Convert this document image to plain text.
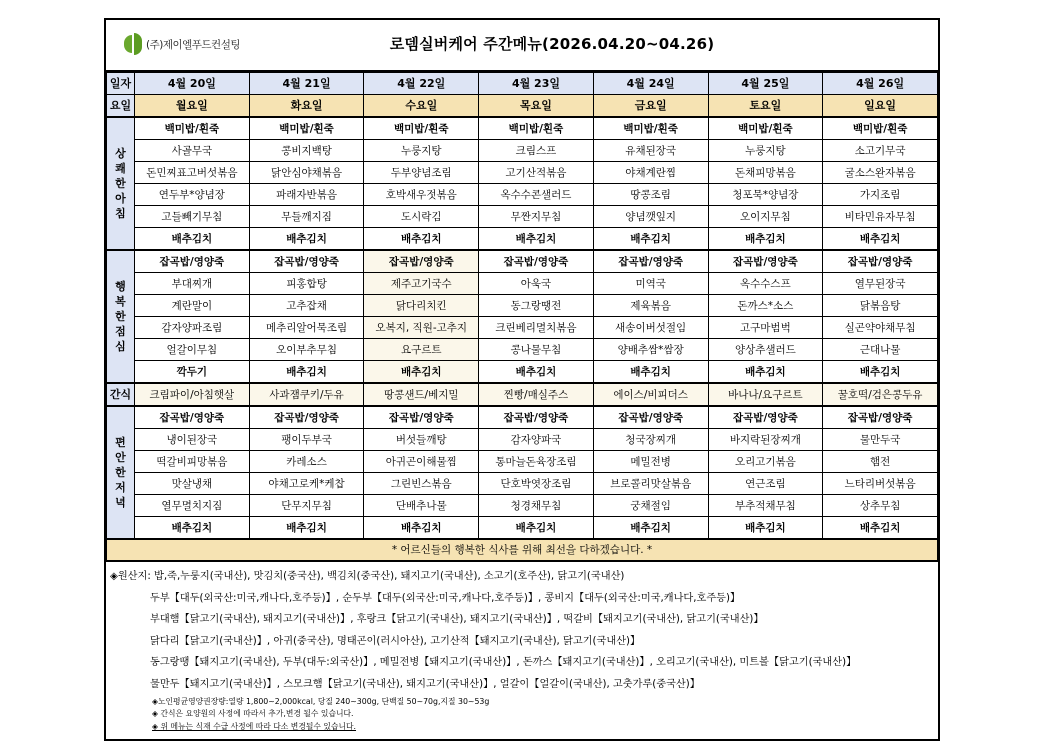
(주)제이엘푸드컨설팅	로뎀실버케어 주간메뉴(2026.04.20~04.26)
일자	4월 20일	4월 21일	4월 22일	4월 23일	4월 24일	4월 25일	4월 26일
요일	월요일	화요일	수요일	목요일	금요일	토요일	일요일
상쾌한아침	백미밥/흰죽	백미밥/흰죽	백미밥/흰죽	백미밥/흰죽	백미밥/흰죽	백미밥/흰죽	백미밥/흰죽
	사골무국	콩비지백탕	누룽지탕	크림스프	유채된장국	누룽지탕	소고기무국
	돈민찌표고버섯볶음	닭안심야채볶음	두부양념조림	고기산적볶음	야채계란찜	돈채피망볶음	굴소스완자볶음
	연두부*양념장	파래자반볶음	호박새우젓볶음	옥수수콘샐러드	땅콩조림	청포묵*양념장	가지조림
	고들빼기무침	무들깨지짐	도시락김	무짠지무침	양념깻잎지	오이지무침	비타민유자무침
	배추김치	배추김치	배추김치	배추김치	배추김치	배추김치	배추김치
행복한점심	잡곡밥/영양죽	잡곡밥/영양죽	잡곡밥/영양죽	잡곡밥/영양죽	잡곡밥/영양죽	잡곡밥/영양죽	잡곡밥/영양죽
	부대찌개	피홍합탕	제주고기국수	아욱국	미역국	옥수수스프	열무된장국
	계란말이	고추잡채	닭다리치킨	동그랑땡전	제육볶음	돈까스*소스	닭볶음탕
	감자양파조림	메추리알어묵조림	오복지, 직원-고추지	크린베리멸치볶음	새송이버섯절임	고구마범벅	실곤약야채무침
	얼갈이무침	오이부추무침	요구르트	콩나물무침	양배추쌈*쌈장	양상추샐러드	근대나물
	깍두기	배추김치	배추김치	배추김치	배추김치	배추김치	배추김치
간식	크림파이/아침햇살	사과잼쿠키/두유	땅콩샌드/베지밀	찐빵/매실주스	에이스/비피더스	바나나/요구르트	꿀호떡/검은콩두유
편안한저녁	잡곡밥/영양죽	잡곡밥/영양죽	잡곡밥/영양죽	잡곡밥/영양죽	잡곡밥/영양죽	잡곡밥/영양죽	잡곡밥/영양죽
	냉이된장국	팽이두부국	버섯들깨탕	감자양파국	청국장찌개	바지락된장찌개	물만두국
	떡갈비피망볶음	카레소스	아귀곤이해물찜	통마늘돈육장조림	메밀전병	오리고기볶음	햄전
	맛살냉채	야채고로케*케찹	그린빈스볶음	단호박엿장조림	브로콜리맛살볶음	연근조림	느타리버섯볶음
	열무멸치지짐	단무지무침	단배추나물	청경채무침	궁채절임	부추적채무침	상추무침
	배추김치	배추김치	배추김치	배추김치	배추김치	배추김치	배추김치
* 어르신들의 행복한 식사를 위해 최선을 다하겠습니다. *							
◈원산지: 밥,죽,누룽지(국내산), 맛김치(중국산), 백김치(중국산), 돼지고기(국내산), 소고기(호주산), 닭고기(국내산)
두부【대두(외국산:미국,캐나다,호주등)】, 순두부【대두(외국산:미국,캐나다,호주등)】, 콩비지【대두(외국산:미국,캐나다,호주등)】
부대햄【닭고기(국내산), 돼지고기(국내산)】, 후랑크【닭고기(국내산), 돼지고기(국내산)】, 떡갈비【돼지고기(국내산), 닭고기(국내산)】
닭다리【닭고기(국내산)】, 아귀(중국산), 명태곤이(러시아산), 고기산적【돼지고기(국내산), 닭고기(국내산)】
동그랑땡【돼지고기(국내산), 두부(대두:외국산)】, 메밀전병【돼지고기(국내산)】, 돈까스【돼지고기(국내산)】, 오리고기(국내산), 미트볼【닭고기(국내산)】
물만두【돼지고기(국내산)】, 스모크햄【닭고기(국내산), 돼지고기(국내산)】, 얼갈이【얼갈이(국내산), 고춧가루(중국산)】
◈노인평균영양권장량:열량 1,800~2,000kcal, 당질 240~300g, 단백질 50~70g,지질 30~53g
◈ 간식은 요양원의 사정에 따라서 추가,변경 될수 있습니다.
◈ 위 메뉴는 식재 수급 사정에 따라 다소 변경될수 있습니다.
